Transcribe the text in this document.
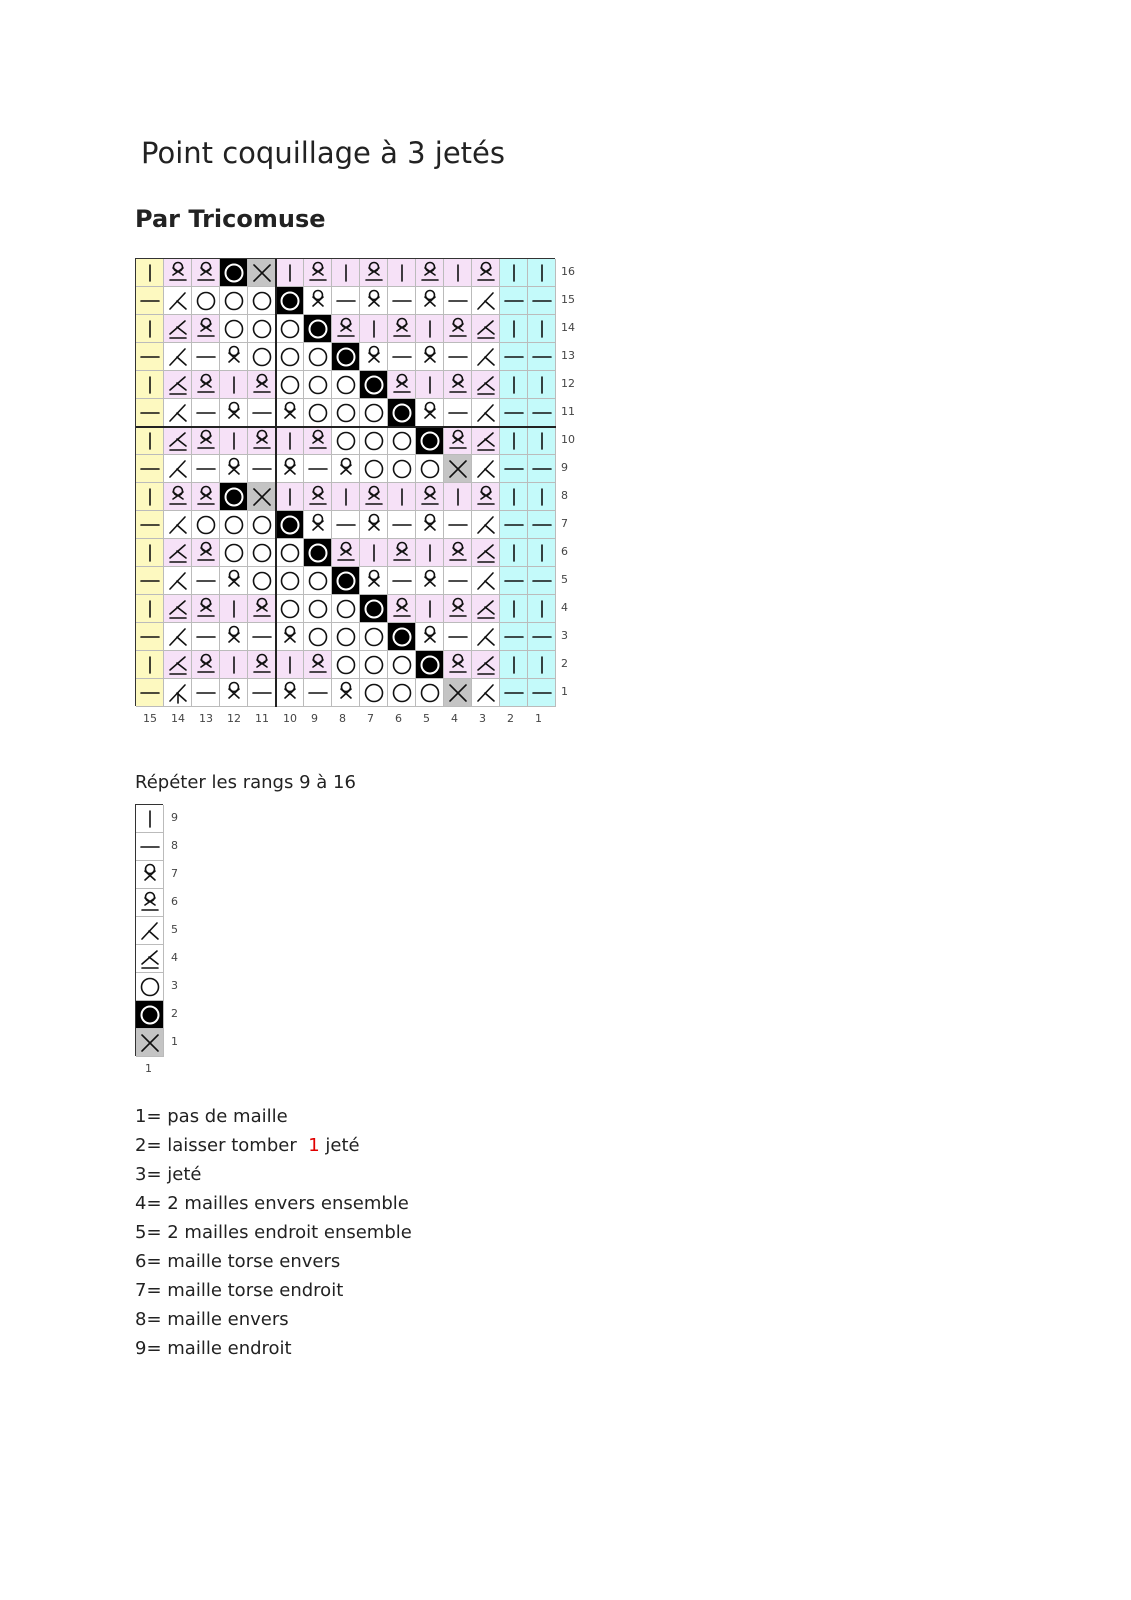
Point coquillage à 3 jetés
Par Tricomuse
Répéter les rangs 9 à 16
1= pas de maille
2= laisser tomber  1 jeté
3= jeté
4= 2 mailles envers ensemble
5= 2 mailles endroit ensemble
6= maille torse envers
7= maille torse endroit
8= maille envers
9= maille endroit
16
15
14
13
12
11
10
9
8
7
6
5
4
3
2
1
15 14 13 12 11 10 9 8 7 6 5 4 3 2 1
9
8
7
6
5
4
3
2
1
1
